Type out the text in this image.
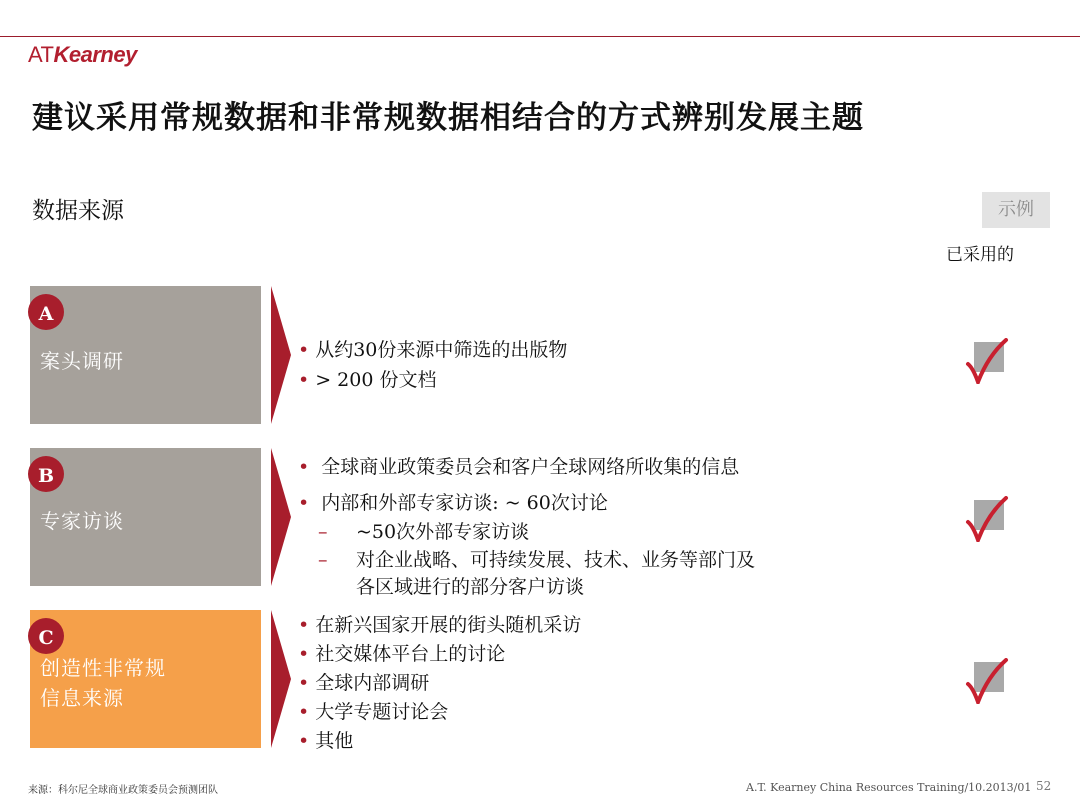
ATKearney
建议采用常规数据和非常规数据相结合的方式辨别发展主题
数据来源	示例
已采用的
A
案头调研	• 从约30份来源中筛选的出版物
• > 200 份文档
B
专家访谈
• 全球商业政策委员会和客户全球网络所收集的信息
• 内部和外部专家访谈: ~ 60次讨论
– ~50次外部专家访谈
– 对企业战略、可持续发展、技术、业务等部门及
各区域进行的部分客户访谈
C
创造性非常规
信息来源
• 在新兴国家开展的街头随机采访
• 社交媒体平台上的讨论
• 全球内部调研
• 大学专题讨论会
• 其他
来源：科尔尼全球商业政策委员会预测团队	A.T. Kearney China Resources Training/10.2013/01 52
